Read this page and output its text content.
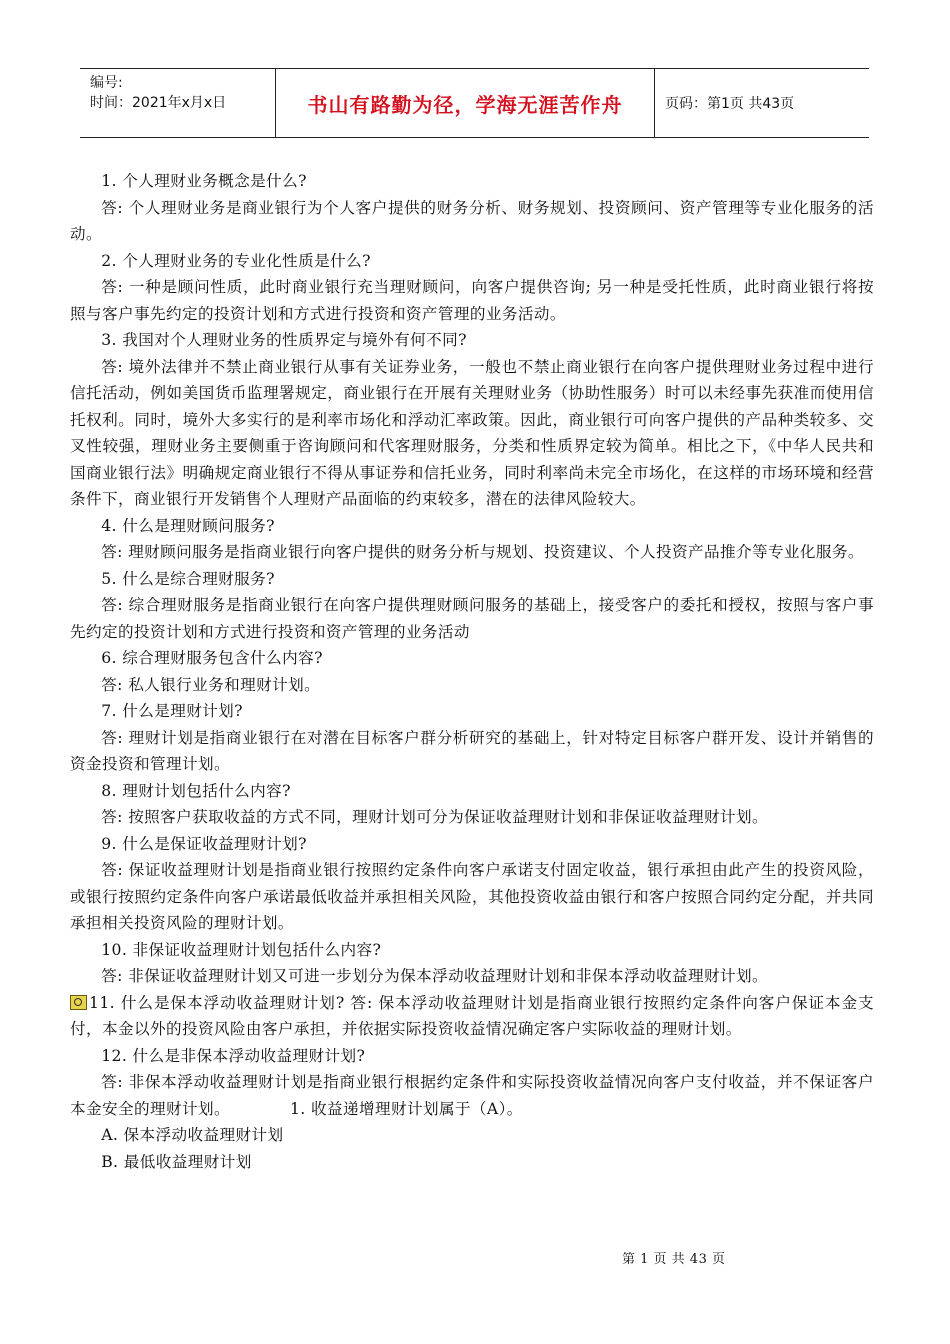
编号:
时间：2021年x月x日	书山有路勤为径，学海无涯苦作舟	页码：第1页 共43页

1. 个人理财业务概念是什么?

答: 个人理财业务是商业银行为个人客户提供的财务分析、财务规划、投资顾问、资产管理等专业化服务的活动。

2. 个人理财业务的专业化性质是什么?

答: 一种是顾问性质，此时商业银行充当理财顾问，向客户提供咨询; 另一种是受托性质，此时商业银行将按照与客户事先约定的投资计划和方式进行投资和资产管理的业务活动。

3. 我国对个人理财业务的性质界定与境外有何不同?

答: 境外法律并不禁止商业银行从事有关证券业务，一般也不禁止商业银行在向客户提供理财业务过程中进行信托活动，例如美国货币监理署规定，商业银行在开展有关理财业务（协助性服务）时可以未经事先获准而使用信托权利。同时，境外大多实行的是利率市场化和浮动汇率政策。因此，商业银行可向客户提供的产品种类较多、交叉性较强，理财业务主要侧重于咨询顾问和代客理财服务，分类和性质界定较为简单。相比之下，《中华人民共和国商业银行法》明确规定商业银行不得从事证券和信托业务，同时利率尚未完全市场化，在这样的市场环境和经营条件下，商业银行开发销售个人理财产品面临的约束较多，潜在的法律风险较大。

4. 什么是理财顾问服务?

答: 理财顾问服务是指商业银行向客户提供的财务分析与规划、投资建议、个人投资产品推介等专业化服务。

5. 什么是综合理财服务?

答: 综合理财服务是指商业银行在向客户提供理财顾问服务的基础上，接受客户的委托和授权，按照与客户事先约定的投资计划和方式进行投资和资产管理的业务活动

6. 综合理财服务包含什么内容?

答: 私人银行业务和理财计划。

7. 什么是理财计划?

答: 理财计划是指商业银行在对潜在目标客户群分析研究的基础上，针对特定目标客户群开发、设计并销售的资金投资和管理计划。

8. 理财计划包括什么内容?

答: 按照客户获取收益的方式不同，理财计划可分为保证收益理财计划和非保证收益理财计划。

9. 什么是保证收益理财计划?

答: 保证收益理财计划是指商业银行按照约定条件向客户承诺支付固定收益，银行承担由此产生的投资风险，或银行按照约定条件向客户承诺最低收益并承担相关风险，其他投资收益由银行和客户按照合同约定分配，并共同承担相关投资风险的理财计划。

10. 非保证收益理财计划包括什么内容?

答: 非保证收益理财计划又可进一步划分为保本浮动收益理财计划和非保本浮动收益理财计划。

11. 什么是保本浮动收益理财计划? 答: 保本浮动收益理财计划是指商业银行按照约定条件向客户保证本金支付，本金以外的投资风险由客户承担，并依据实际投资收益情况确定客户实际收益的理财计划。

12. 什么是非保本浮动收益理财计划?

答: 非保本浮动收益理财计划是指商业银行根据约定条件和实际投资收益情况向客户支付收益，并不保证客户本金安全的理财计划。	1. 收益递增理财计划属于（A）。

A. 保本浮动收益理财计划

B. 最低收益理财计划

第 1 页 共 43 页
